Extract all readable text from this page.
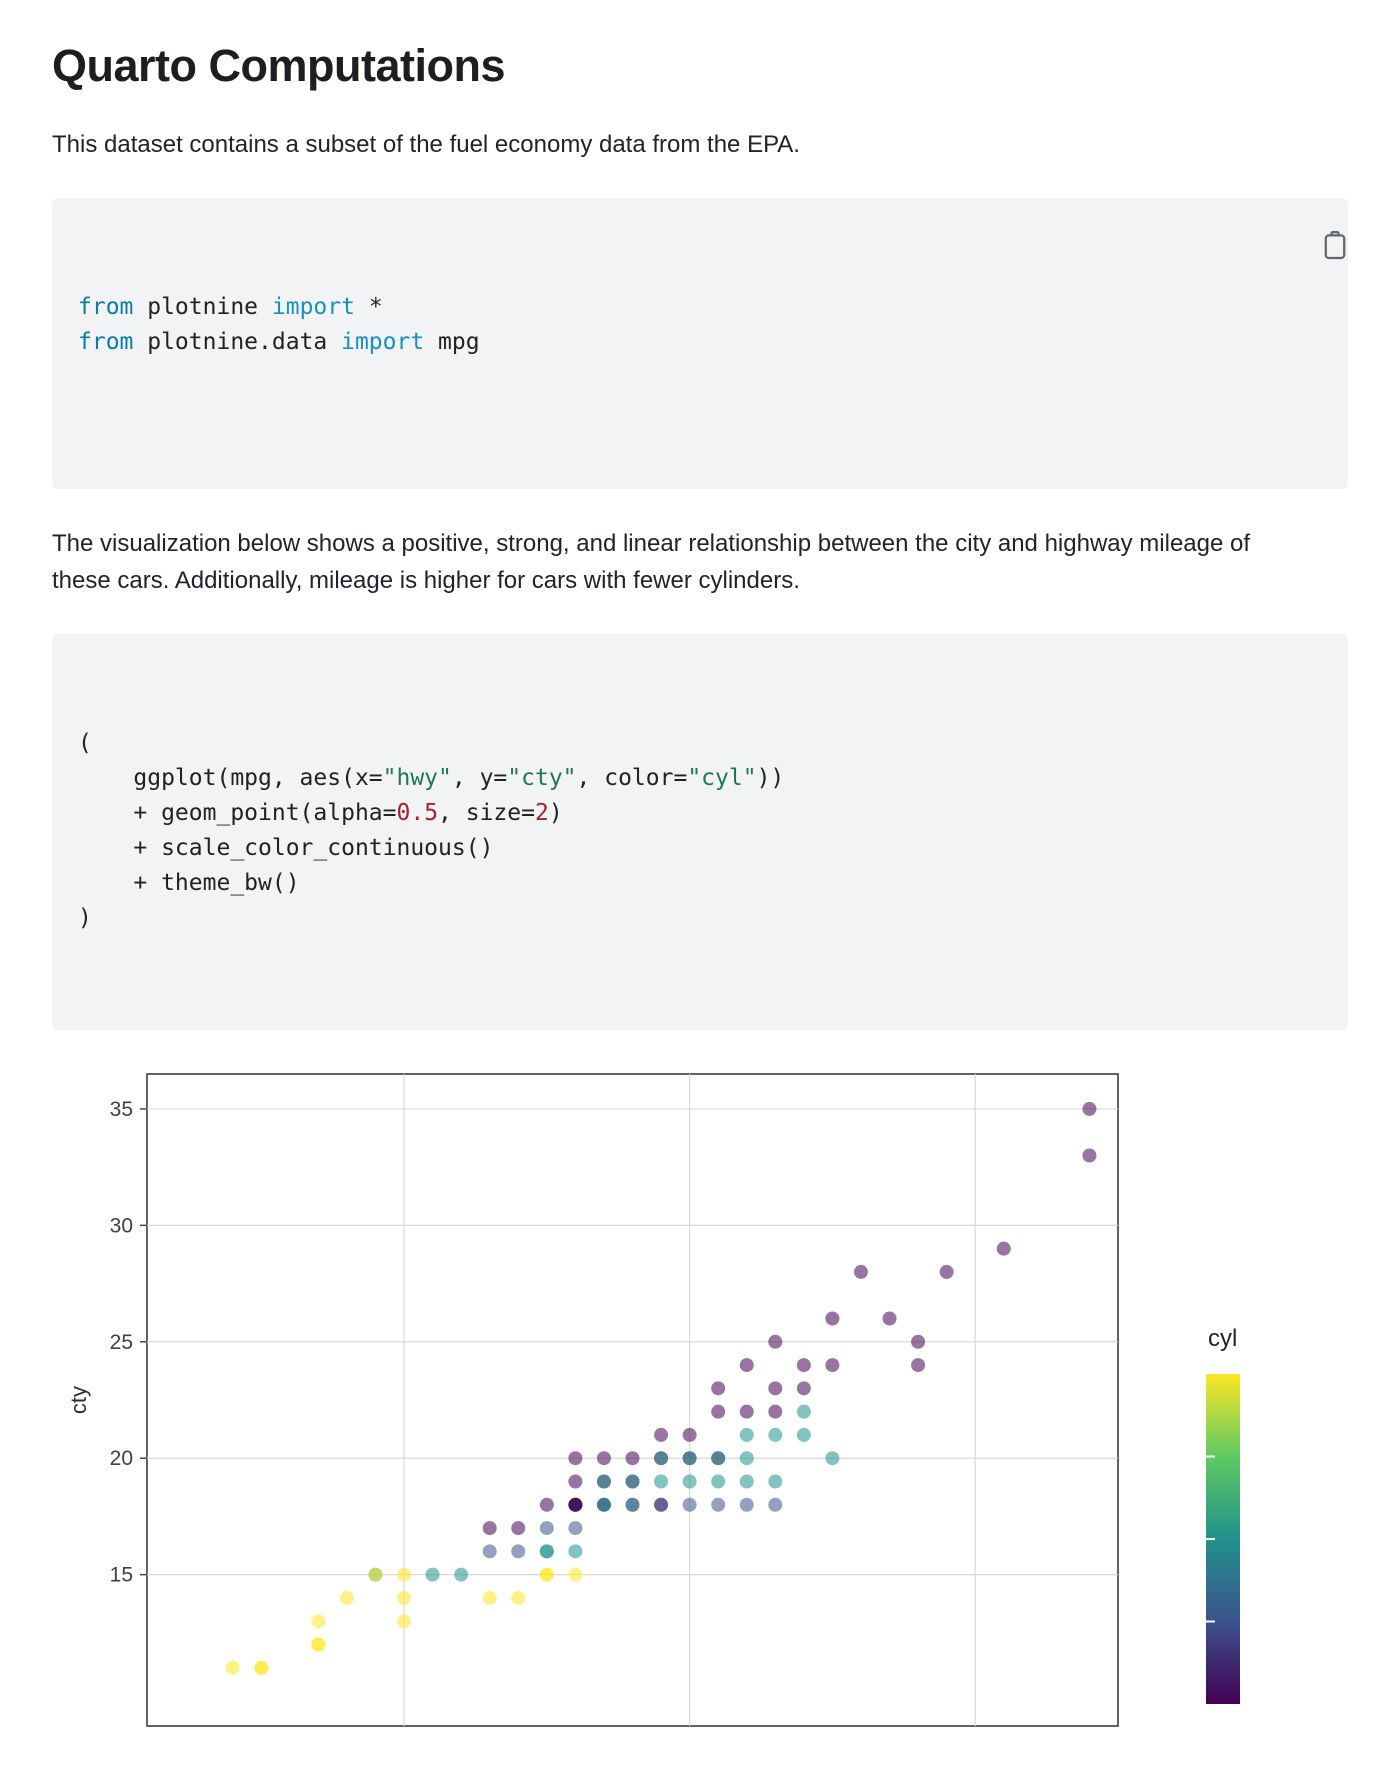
Quarto Computations

This dataset contains a subset of the fuel economy data from the EPA.

from plotnine import *
from plotnine.data import mpg

The visualization below shows a positive, strong, and linear relationship between the city and highway mileage of these cars. Additionally, mileage is higher for cars with fewer cylinders.

(
ggplot(mpg, aes(x="hwy", y="cty", color="cyl"))
+ geom_point(alpha=0.5, size=2)
+ scale_color_continuous()
+ theme_bw()
)

15
20
25
30
35
cty
cyl
